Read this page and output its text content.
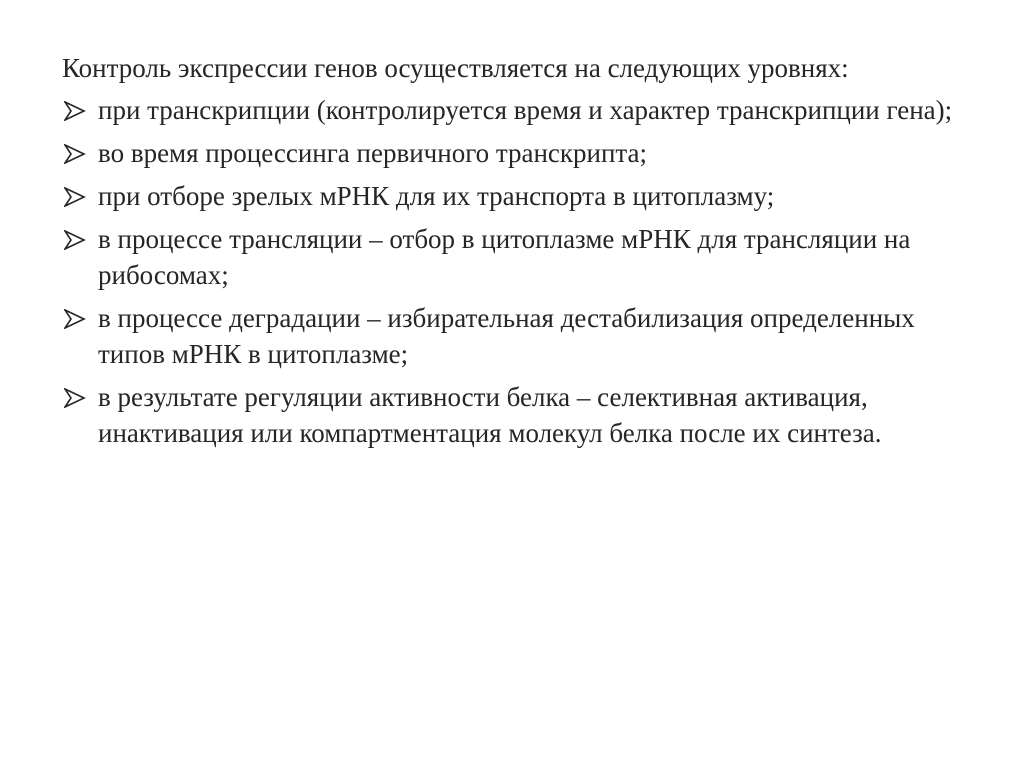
Контроль экспрессии генов осуществляется на следующих уровнях:

при транскрипции (контролируется время и характер транскрипции гена);
во время процессинга первичного транскрипта;
при отборе зрелых мРНК для их транспорта в цитоплазму;
в процессе трансляции – отбор в цитоплазме мРНК для трансляции на рибосомах;
в процессе деградации – избирательная дестабилизация определенных типов мРНК в цитоплазме;
в результате регуляции активности белка – селективная активация, инактивация или компартментация молекул белка после их синтеза.
